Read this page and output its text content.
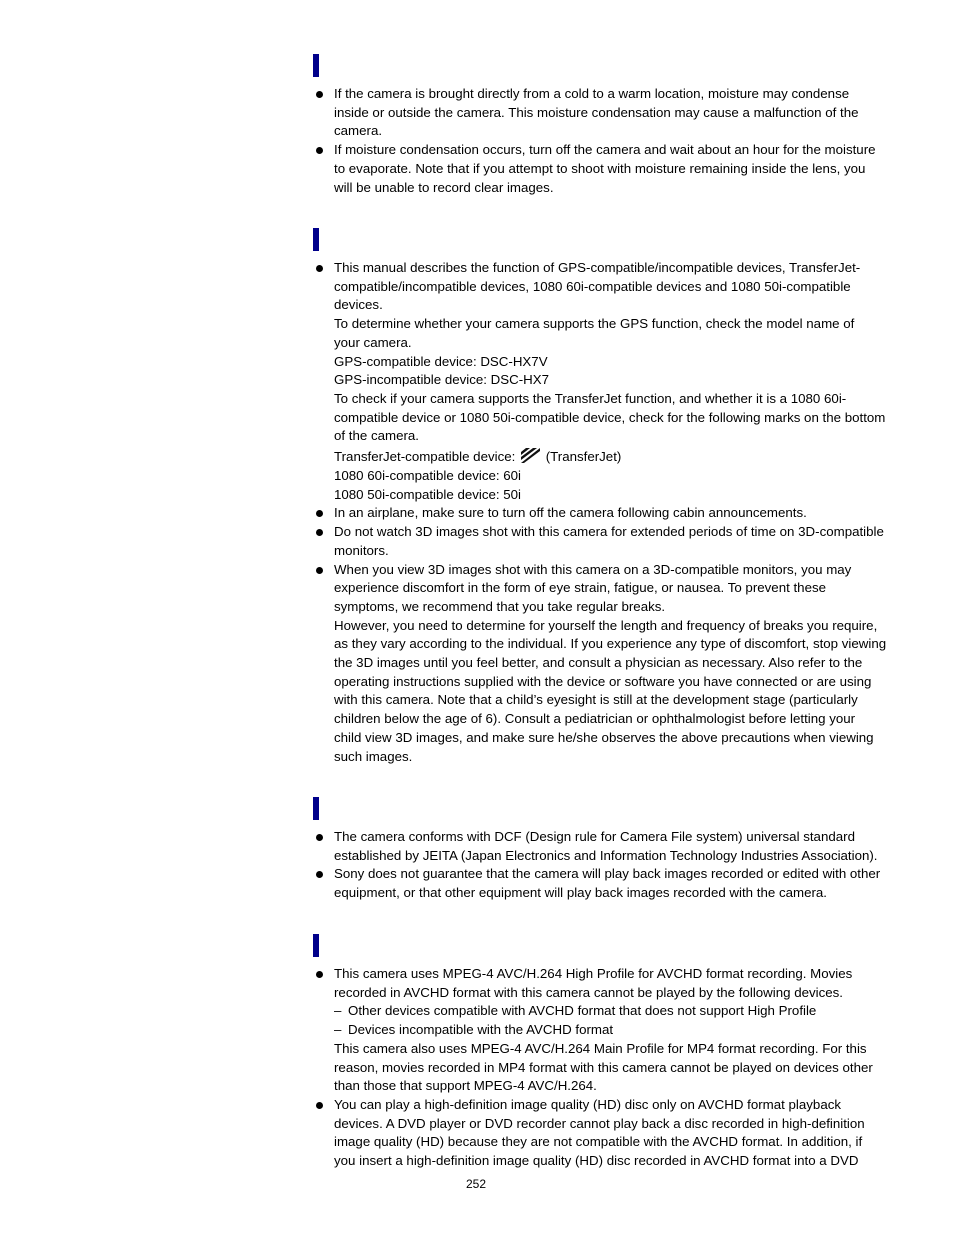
If the camera is brought directly from a cold to a warm location, moisture may condense
inside or outside the camera. This moisture condensation may cause a malfunction of the
camera.
If moisture condensation occurs, turn off the camera and wait about an hour for the moisture
to evaporate. Note that if you attempt to shoot with moisture remaining inside the lens, you
will be unable to record clear images.
This manual describes the function of GPS-compatible/incompatible devices, TransferJet-
compatible/incompatible devices, 1080 60i-compatible devices and 1080 50i-compatible
devices.
To determine whether your camera supports the GPS function, check the model name of
your camera.
GPS-compatible device: DSC-HX7V
GPS-incompatible device: DSC-HX7
To check if your camera supports the TransferJet function, and whether it is a 1080 60i-
compatible device or 1080 50i-compatible device, check for the following marks on the bottom
of the camera.
TransferJet-compatible device: (TransferJet)
1080 60i-compatible device: 60i
1080 50i-compatible device: 50i
In an airplane, make sure to turn off the camera following cabin announcements.
Do not watch 3D images shot with this camera for extended periods of time on 3D-compatible
monitors.
When you view 3D images shot with this camera on a 3D-compatible monitors, you may
experience discomfort in the form of eye strain, fatigue, or nausea. To prevent these
symptoms, we recommend that you take regular breaks.
However, you need to determine for yourself the length and frequency of breaks you require,
as they vary according to the individual. If you experience any type of discomfort, stop viewing
the 3D images until you feel better, and consult a physician as necessary. Also refer to the
operating instructions supplied with the device or software you have connected or are using
with this camera. Note that a child’s eyesight is still at the development stage (particularly
children below the age of 6). Consult a pediatrician or ophthalmologist before letting your
child view 3D images, and make sure he/she observes the above precautions when viewing
such images.
The camera conforms with DCF (Design rule for Camera File system) universal standard
established by JEITA (Japan Electronics and Information Technology Industries Association).
Sony does not guarantee that the camera will play back images recorded or edited with other
equipment, or that other equipment will play back images recorded with the camera.
This camera uses MPEG-4 AVC/H.264 High Profile for AVCHD format recording. Movies
recorded in AVCHD format with this camera cannot be played by the following devices.
– Other devices compatible with AVCHD format that does not support High Profile
– Devices incompatible with the AVCHD format
This camera also uses MPEG-4 AVC/H.264 Main Profile for MP4 format recording. For this
reason, movies recorded in MP4 format with this camera cannot be played on devices other
than those that support MPEG-4 AVC/H.264.
You can play a high-definition image quality (HD) disc only on AVCHD format playback
devices. A DVD player or DVD recorder cannot play back a disc recorded in high-definition
image quality (HD) because they are not compatible with the AVCHD format. In addition, if
you insert a high-definition image quality (HD) disc recorded in AVCHD format into a DVD
252
